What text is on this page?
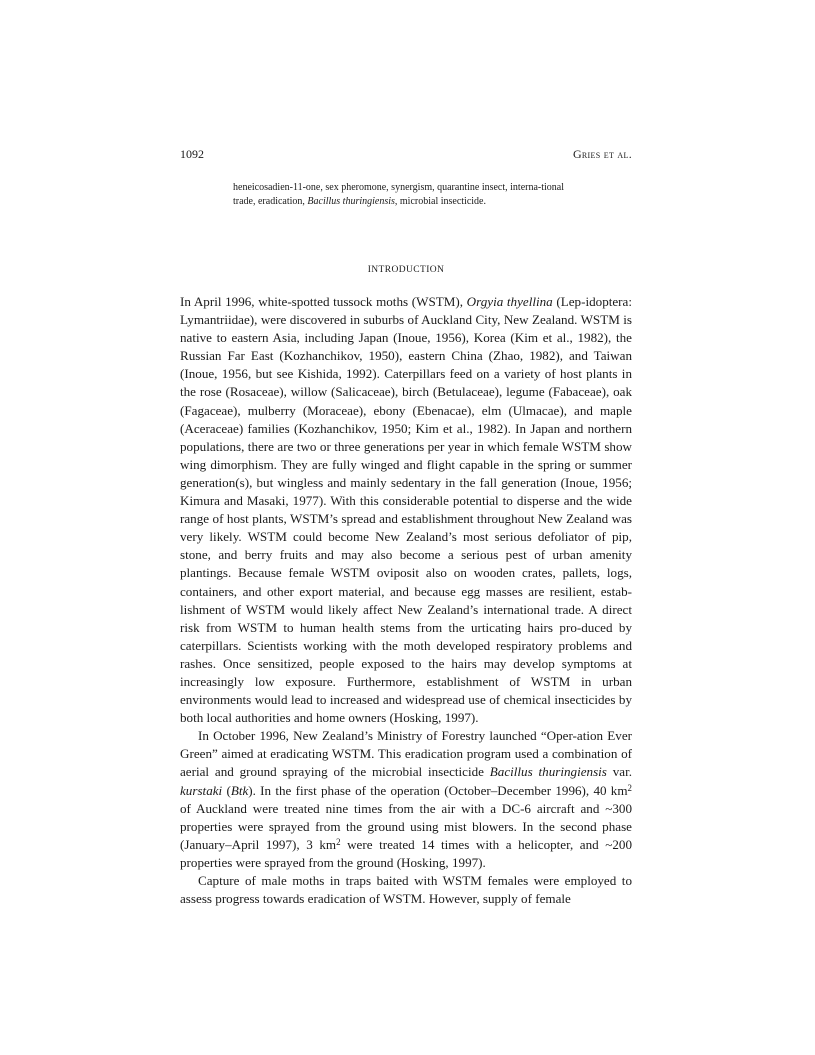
1092	Gries et al.

heneicosadien-11-one, sex pheromone, synergism, quarantine insect, interna-tional trade, eradication, Bacillus thuringiensis, microbial insecticide.

INTRODUCTION

In April 1996, white-spotted tussock moths (WSTM), Orgyia thyellina (Lep-idoptera: Lymantriidae), were discovered in suburbs of Auckland City, New Zealand. WSTM is native to eastern Asia, including Japan (Inoue, 1956), Korea (Kim et al., 1982), the Russian Far East (Kozhanchikov, 1950), eastern China (Zhao, 1982), and Taiwan (Inoue, 1956, but see Kishida, 1992). Caterpillars feed on a variety of host plants in the rose (Rosaceae), willow (Salicaceae), birch (Betulaceae), legume (Fabaceae), oak (Fagaceae), mulberry (Moraceae), ebony (Ebenacae), elm (Ulmacae), and maple (Aceraceae) families (Kozhanchikov, 1950; Kim et al., 1982). In Japan and northern populations, there are two or three generations per year in which female WSTM show wing dimorphism. They are fully winged and flight capable in the spring or summer generation(s), but wingless and mainly sedentary in the fall generation (Inoue, 1956; Kimura and Masaki, 1977). With this considerable potential to disperse and the wide range of host plants, WSTM’s spread and establishment throughout New Zealand was very likely. WSTM could become New Zealand’s most serious defoliator of pip, stone, and berry fruits and may also become a serious pest of urban amenity plantings. Because female WSTM oviposit also on wooden crates, pallets, logs, containers, and other export material, and because egg masses are resilient, estab-lishment of WSTM would likely affect New Zealand’s international trade. A direct risk from WSTM to human health stems from the urticating hairs pro-duced by caterpillars. Scientists working with the moth developed respiratory problems and rashes. Once sensitized, people exposed to the hairs may develop symptoms at increasingly low exposure. Furthermore, establishment of WSTM in urban environments would lead to increased and widespread use of chemical insecticides by both local authorities and home owners (Hosking, 1997).

In October 1996, New Zealand’s Ministry of Forestry launched “Oper-ation Ever Green” aimed at eradicating WSTM. This eradication program used a combination of aerial and ground spraying of the microbial insecticide Bacillus thuringiensis var. kurstaki (Btk). In the first phase of the operation (October–December 1996), 40 $km^2$ of Auckland were treated nine times from the air with a DC-6 aircraft and ~300 properties were sprayed from the ground using mist blowers. In the second phase (January–April 1997), 3 $km^2$ were treated 14 times with a helicopter, and ~200 properties were sprayed from the ground (Hosking, 1997).

Capture of male moths in traps baited with WSTM females were employed to assess progress towards eradication of WSTM. However, supply of female
